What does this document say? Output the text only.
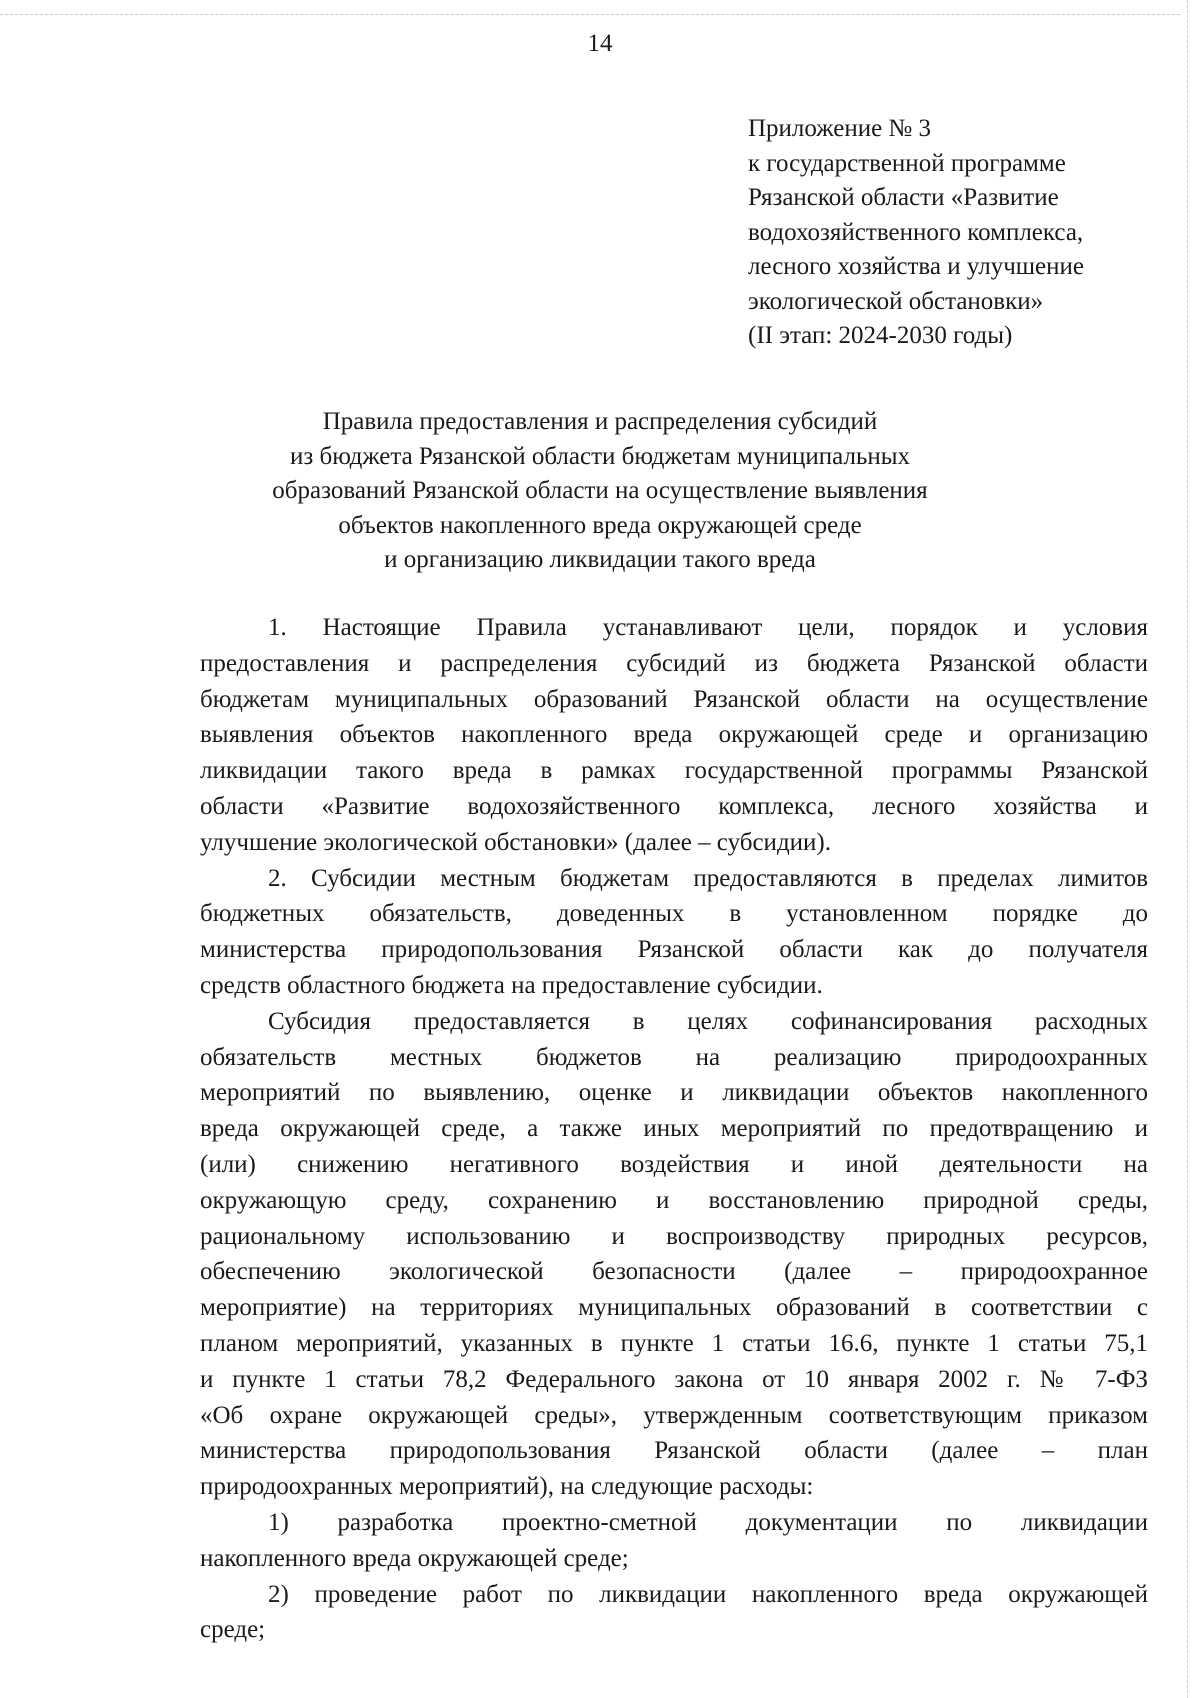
14
Приложение № 3
к государственной программе
Рязанской области «Развитие
водохозяйственного комплекса,
лесного хозяйства и улучшение
экологической обстановки»
(II этап: 2024-2030 годы)
Правила предоставления и распределения субсидий
из бюджета Рязанской области бюджетам муниципальных
образований Рязанской области на осуществление выявления
объектов накопленного вреда окружающей среде
и организацию ликвидации такого вреда
1. Настоящие Правила устанавливают цели, порядок и условия
предоставления и распределения субсидий из бюджета Рязанской области
бюджетам муниципальных образований Рязанской области на осуществление
выявления объектов накопленного вреда окружающей среде и организацию
ликвидации такого вреда в рамках государственной программы Рязанской
области «Развитие водохозяйственного комплекса, лесного хозяйства и
улучшение экологической обстановки» (далее – субсидии).
2. Субсидии местным бюджетам предоставляются в пределах лимитов
бюджетных обязательств, доведенных в установленном порядке до
министерства природопользования Рязанской области как до получателя
средств областного бюджета на предоставление субсидии.
Субсидия предоставляется в целях софинансирования расходных
обязательств местных бюджетов на реализацию природоохранных
мероприятий по выявлению, оценке и ликвидации объектов накопленного
вреда окружающей среде, а также иных мероприятий по предотвращению и
(или) снижению негативного воздействия и иной деятельности на
окружающую среду, сохранению и восстановлению природной среды,
рациональному использованию и воспроизводству природных ресурсов,
обеспечению экологической безопасности (далее – природоохранное
мероприятие) на территориях муниципальных образований в соответствии с
планом мероприятий, указанных в пункте 1 статьи 16.6, пункте 1 статьи 75,1
и пункте 1 статьи 78,2 Федерального закона от 10 января 2002 г. № 7-ФЗ
«Об охране окружающей среды», утвержденным соответствующим приказом
министерства природопользования Рязанской области (далее – план
природоохранных мероприятий), на следующие расходы:
1) разработка проектно-сметной документации по ликвидации
накопленного вреда окружающей среде;
2) проведение работ по ликвидации накопленного вреда окружающей
среде;
